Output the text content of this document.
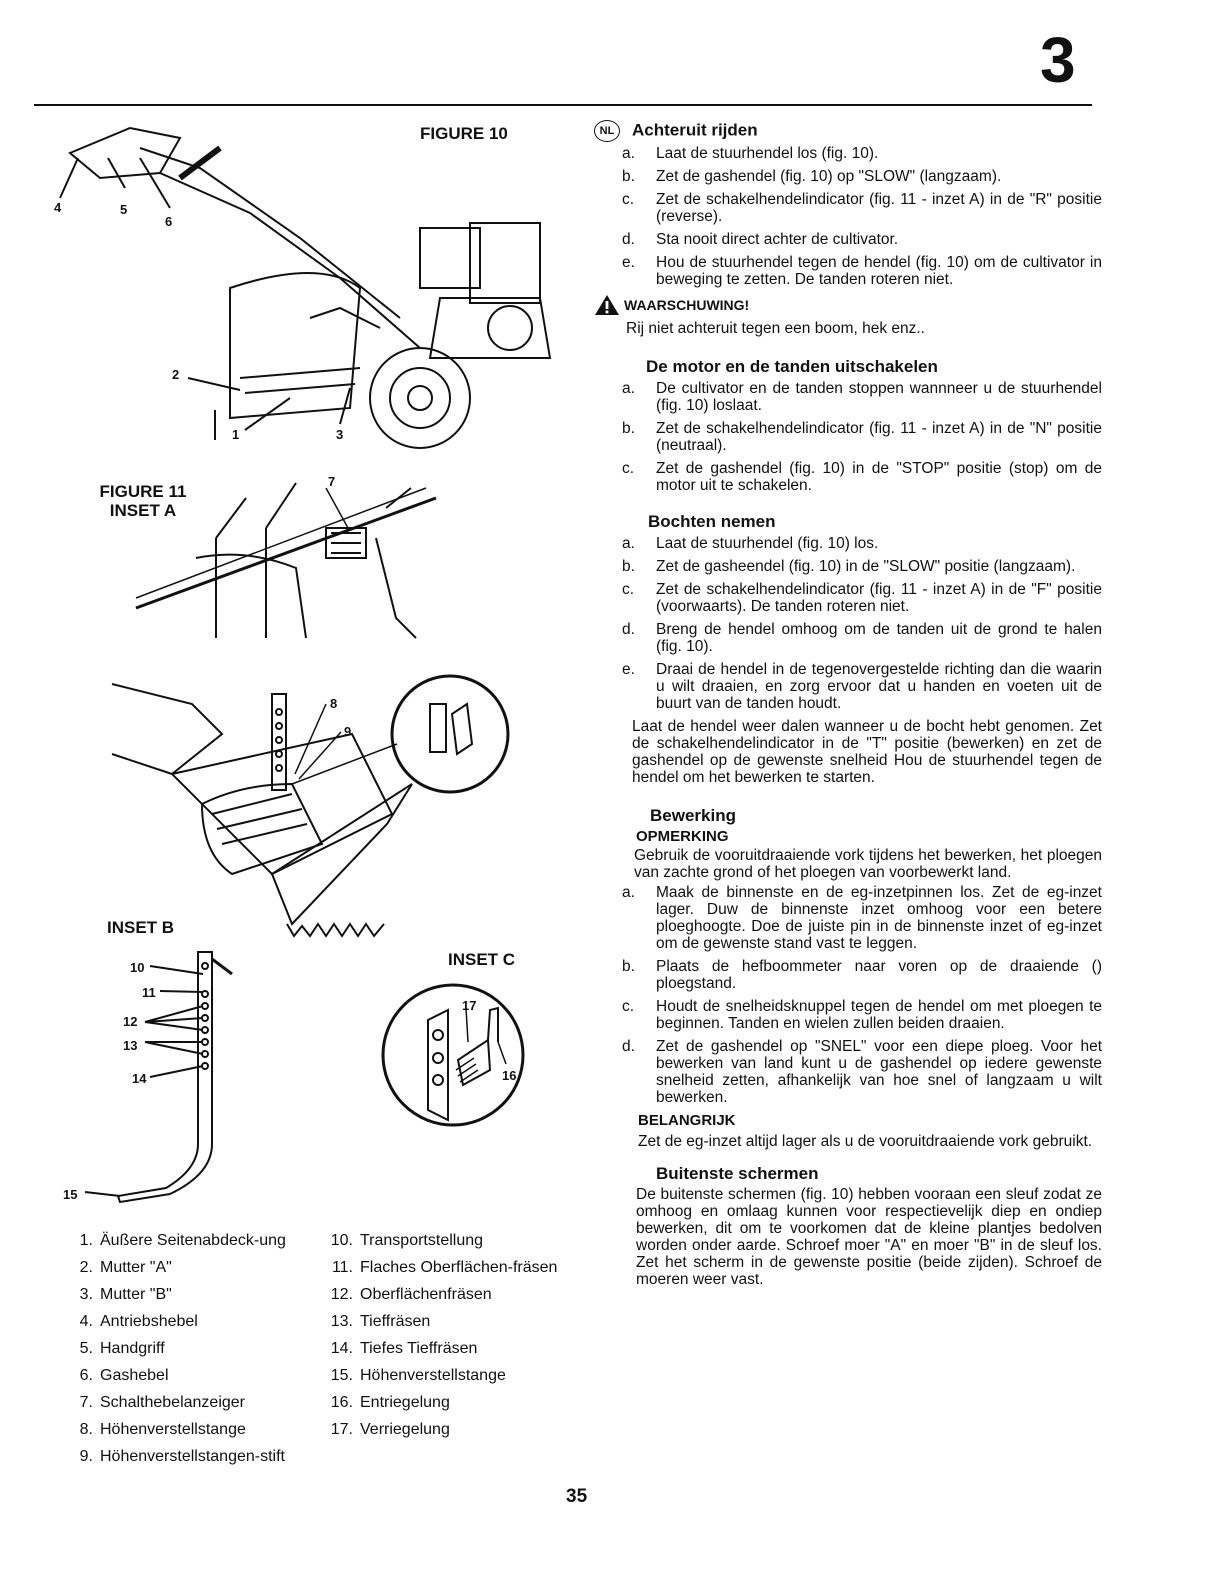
3
FIGURE 10
4	5
6
2
1	3
FIGURE 11
INSET A
7
8
9
INSET B
10
11
12
13
14
15
INSET C
17
16
1. Äußere Seitenabdeck-ung
2. Mutter "A"
3. Mutter "B"
4. Antriebshebel
5. Handgriff
6. Gashebel
7. Schalthebelanzeiger
8. Höhenverstellstange
9. Höhenverstellstangen-stift
10. Transportstellung
11. Flaches Oberflächen-fräsen
12. Oberflächenfräsen
13. Tieffräsen
14. Tiefes Tieffräsen
15. Höhenverstellstange
16. Entriegelung
17. Verriegelung
35
NL Achteruit rijden
a.	Laat de stuurhendel los (fig. 10).
b.	Zet de gashendel (fig. 10) op "SLOW" (langzaam).
c.	Zet de schakelhendelindicator (fig. 11 - inzet A) in de "R" positie (reverse).
d.	Sta nooit direct achter de cultivator.
e.	Hou de stuurhendel tegen de hendel (fig. 10) om de cultivator in beweging te zetten. De tanden roteren niet.
WAARSCHUWING!

Rij niet achteruit tegen een boom, hek enz..

De motor en de tanden uitschakelen
a.	De cultivator en de tanden stoppen wannneer u de stuurhendel (fig. 10) loslaat.
b.	Zet de schakelhendelindicator (fig. 11 - inzet A) in de "N" positie (neutraal).
c.	Zet de gashendel (fig. 10) in de "STOP" positie (stop) om de motor uit te schakelen.
Bochten nemen
a.	Laat de stuurhendel (fig. 10) los.
b.	Zet de gasheendel (fig. 10) in de "SLOW" positie (langzaam).
c.	Zet de schakelhendelindicator (fig. 11 - inzet A) in de "F" positie (voorwaarts). De tanden roteren niet.
d.	Breng de hendel omhoog om de tanden uit de grond te halen (fig. 10).
e.	Draai de hendel in de tegenovergestelde richting dan die waarin u wilt draaien, en zorg ervoor dat u handen en voeten uit de buurt van de tanden houdt.

Laat de hendel weer dalen wanneer u de bocht hebt genomen. Zet de schakelhendelindicator in de "T" positie (bewerken) en zet de gashendel op de gewenste snelheid Hou de stuurhendel tegen de hendel om het bewerken te starten.

Bewerking
OPMERKING

Gebruik de vooruitdraaiende vork tijdens het bewerken, het ploegen van zachte grond of het ploegen van voorbewerkt land.

a.	Maak de binnenste en de eg-inzetpinnen los. Zet de eg-inzet lager. Duw de binnenste inzet omhoog voor een betere ploeghoogte. Doe de juiste pin in de binnenste inzet of eg-inzet om de gewenste stand vast te leggen.
b.	Plaats de hefboommeter naar voren op de draaiende () ploegstand.
c.	Houdt de snelheidsknuppel tegen de hendel om met ploegen te beginnen. Tanden en wielen zullen beiden draaien.
d.	Zet de gashendel op "SNEL" voor een diepe ploeg. Voor het bewerken van land kunt u de gashendel op iedere gewenste snelheid zetten, afhankelijk van hoe snel of langzaam u wilt bewerken.
BELANGRIJK

Zet de eg-inzet altijd lager als u de vooruitdraaiende vork gebruikt.

Buitenste schermen

De buitenste schermen (fig. 10) hebben vooraan een sleuf zodat ze omhoog en omlaag kunnen voor respectievelijk diep en ondiep bewerken, dit om te voorkomen dat de kleine plantjes bedolven worden onder aarde. Schroef moer "A" en moer "B" in de sleuf los. Zet het scherm in de gewenste positie (beide zijden). Schroef de moeren weer vast.
